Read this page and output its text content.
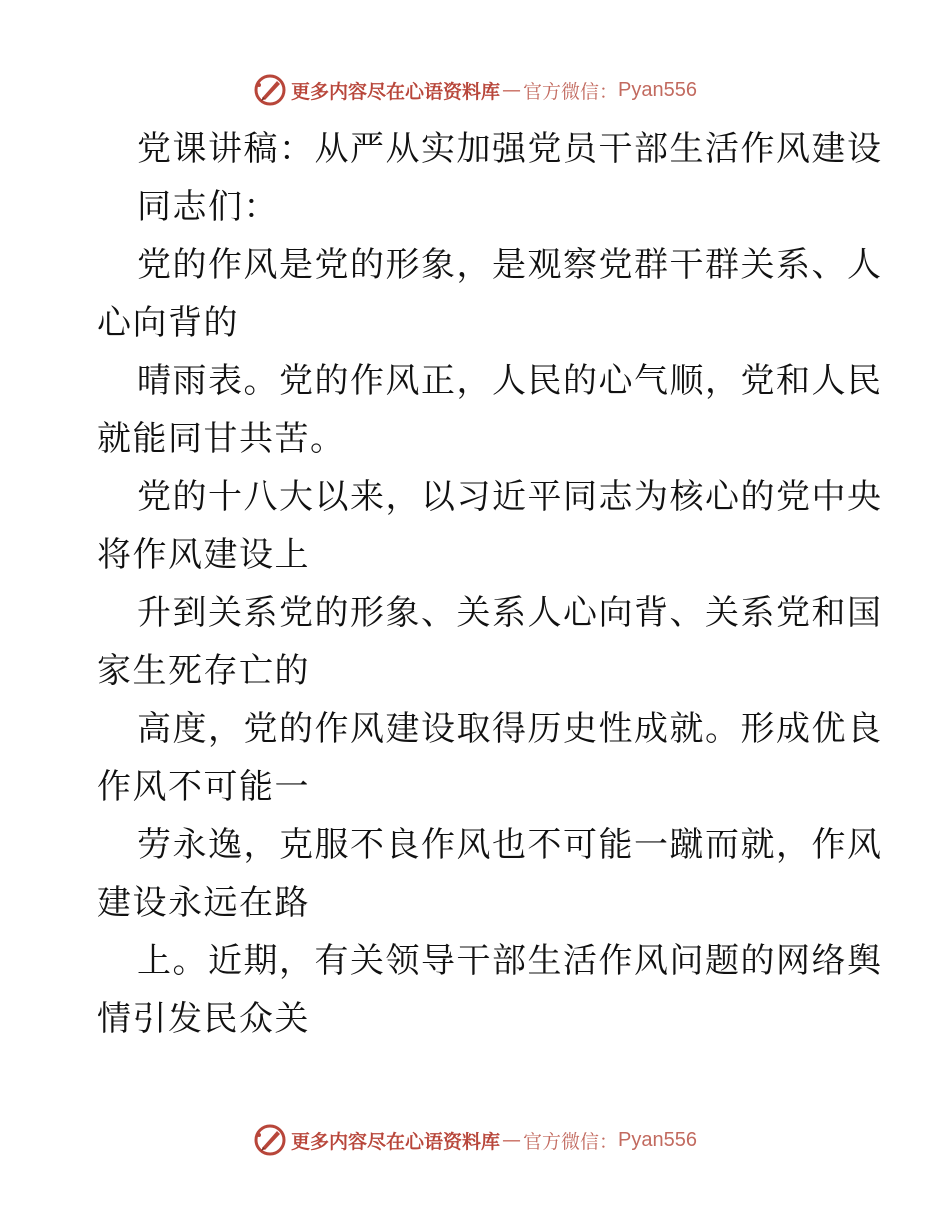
更多内容尽在心语资料库 — 官方微信： Pyan556
党课讲稿：从严从实加强党员干部生活作风建设
同志们：
党的作风是党的形象，是观察党群干群关系、人
心向背的
晴雨表。党的作风正，人民的心气顺，党和人民
就能同甘共苦。
党的十八大以来，以习近平同志为核心的党中央
将作风建设上
升到关系党的形象、关系人心向背、关系党和国
家生死存亡的
高度，党的作风建设取得历史性成就。形成优良
作风不可能一
劳永逸，克服不良作风也不可能一蹴而就，作风
建设永远在路
上。近期，有关领导干部生活作风问题的网络舆
情引发民众关
更多内容尽在心语资料库 — 官方微信： Pyan556
